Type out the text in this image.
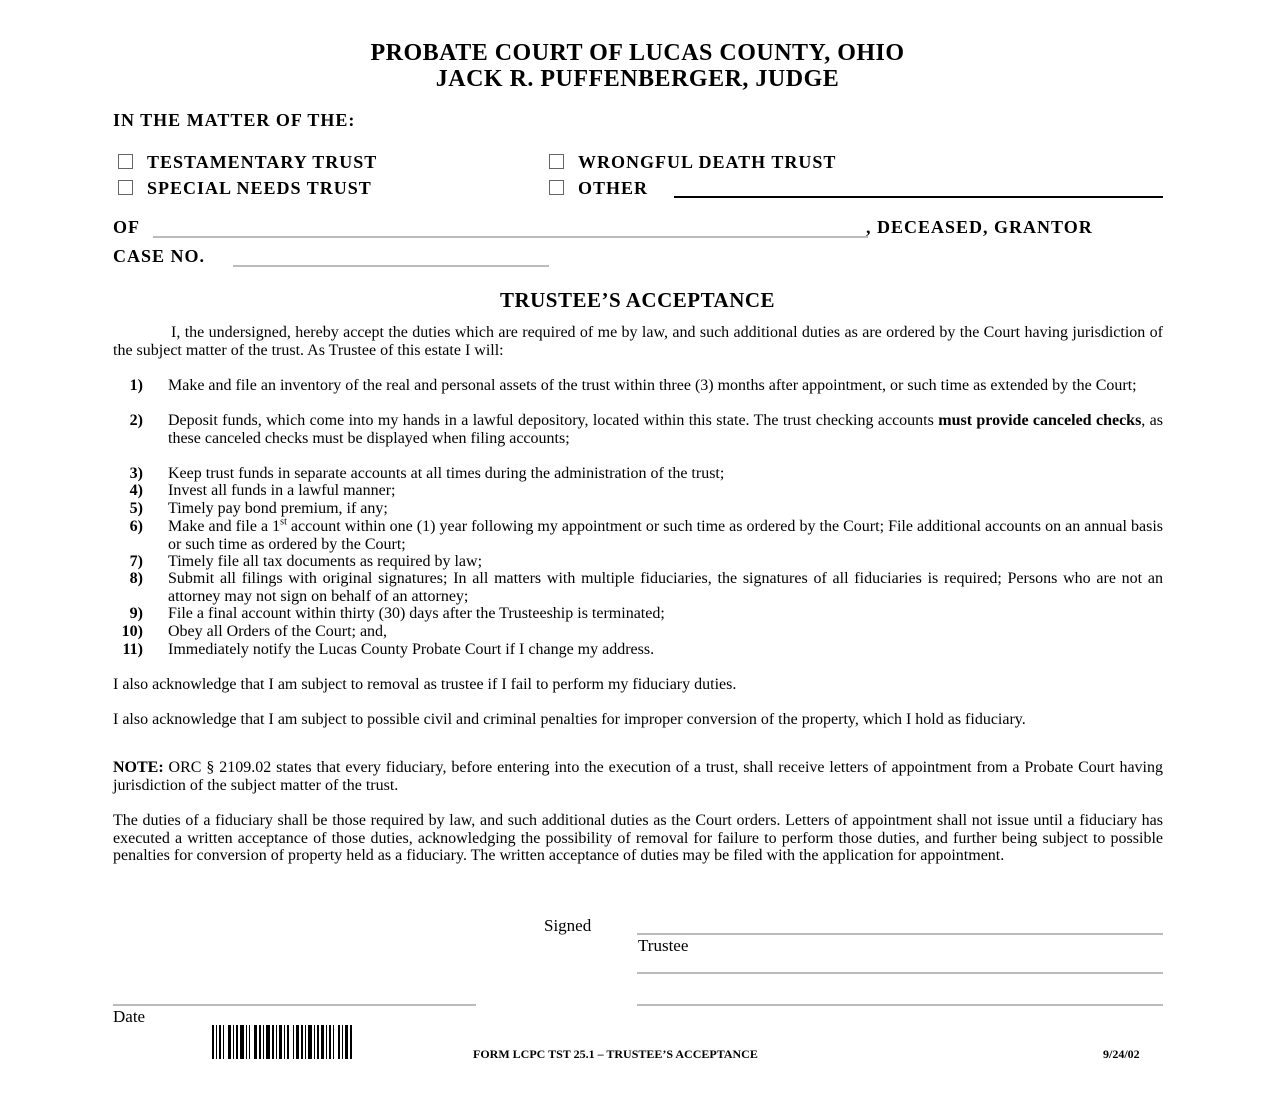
PROBATE COURT OF LUCAS COUNTY, OHIO
JACK R. PUFFENBERGER, JUDGE
IN THE MATTER OF THE:
TESTAMENTARY TRUST	WRONGFUL DEATH TRUST
SPECIAL NEEDS TRUST	OTHER
OF	, DECEASED, GRANTOR
CASE NO.
TRUSTEE’S ACCEPTANCE
I, the undersigned, hereby accept the duties which are required of me by law, and such additional duties as are ordered by the Court having jurisdiction of the subject matter of the trust. As Trustee of this estate I will:
1) Make and file an inventory of the real and personal assets of the trust within three (3) months after appointment, or such time as extended by the Court;
2) Deposit funds, which come into my hands in a lawful depository, located within this state. The trust checking accounts must provide canceled checks, as these canceled checks must be displayed when filing accounts;
3) Keep trust funds in separate accounts at all times during the administration of the trust;
4) Invest all funds in a lawful manner;
5) Timely pay bond premium, if any;
6) Make and file a 1st account within one (1) year following my appointment or such time as ordered by the Court; File additional accounts on an annual basis or such time as ordered by the Court;
7) Timely file all tax documents as required by law;
8) Submit all filings with original signatures; In all matters with multiple fiduciaries, the signatures of all fiduciaries is required; Persons who are not an attorney may not sign on behalf of an attorney;
9) File a final account within thirty (30) days after the Trusteeship is terminated;
10) Obey all Orders of the Court; and,
11) Immediately notify the Lucas County Probate Court if I change my address.
I also acknowledge that I am subject to removal as trustee if I fail to perform my fiduciary duties.
I also acknowledge that I am subject to possible civil and criminal penalties for improper conversion of the property, which I hold as fiduciary.
NOTE: ORC § 2109.02 states that every fiduciary, before entering into the execution of a trust, shall receive letters of appointment from a Probate Court having jurisdiction of the subject matter of the trust.
The duties of a fiduciary shall be those required by law, and such additional duties as the Court orders. Letters of appointment shall not issue until a fiduciary has executed a written acceptance of those duties, acknowledging the possibility of removal for failure to perform those duties, and further being subject to possible penalties for conversion of property held as a fiduciary. The written acceptance of duties may be filed with the application for appointment.
Signed
Trustee
Date
FORM LCPC TST 25.1 – TRUSTEE’S ACCEPTANCE	9/24/02
